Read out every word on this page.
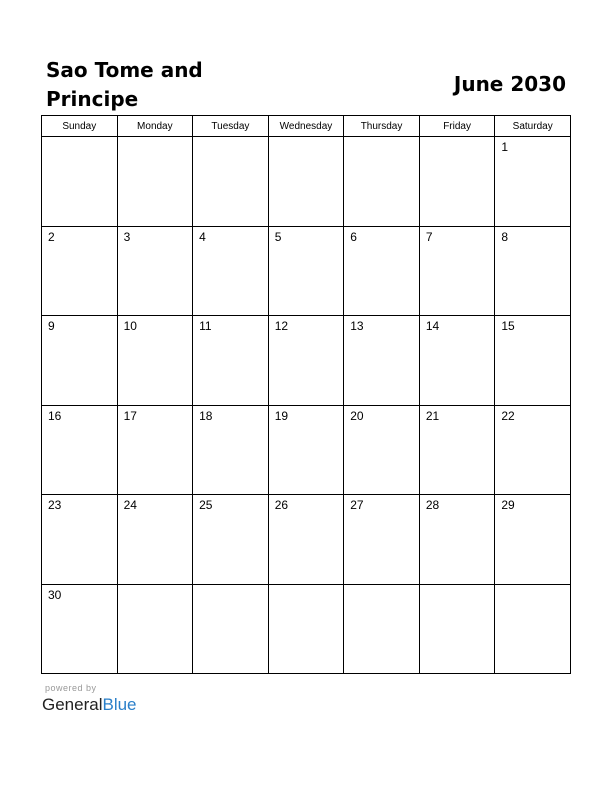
Sao Tome and Principe
June 2030
Sunday	Monday	Tuesday	Wednesday	Thursday	Friday	Saturday

						1

2	3	4	5	6	7	8

9	10	11	12	13	14	15

16	17	18	19	20	21	22

23	24	25	26	27	28	29

30						

powered by
GeneralBlue
